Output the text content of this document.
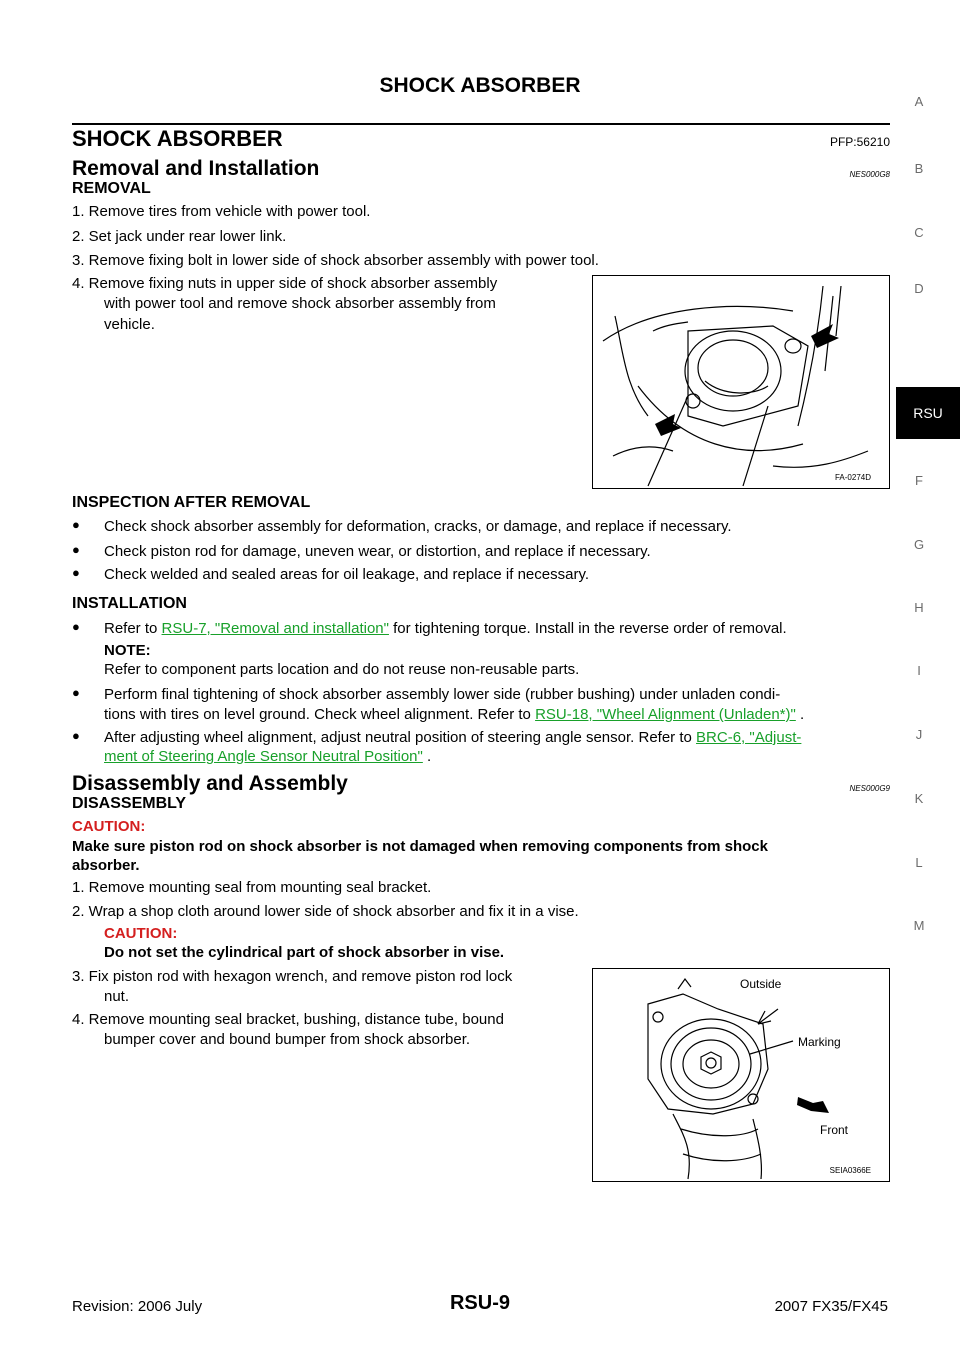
SHOCK ABSORBER
SHOCK ABSORBER	PFP:56210
Removal and Installation	NES000G8
REMOVAL
1. Remove tires from vehicle with power tool.
2. Set jack under rear lower link.
3. Remove fixing bolt in lower side of shock absorber assembly with power tool.
4. Remove fixing nuts in upper side of shock absorber assembly
with power tool and remove shock absorber assembly from
vehicle.
FA-0274D
INSPECTION AFTER REMOVAL
● Check shock absorber assembly for deformation, cracks, or damage, and replace if necessary.
● Check piston rod for damage, uneven wear, or distortion, and replace if necessary.
● Check welded and sealed areas for oil leakage, and replace if necessary.
INSTALLATION
● Refer to RSU-7, "Removal and installation" for tightening torque. Install in the reverse order of removal.
NOTE:
Refer to component parts location and do not reuse non-reusable parts.
● Perform final tightening of shock absorber assembly lower side (rubber bushing) under unladen condi-
tions with tires on level ground. Check wheel alignment. Refer to RSU-18, "Wheel Alignment (Unladen*)" .
● After adjusting wheel alignment, adjust neutral position of steering angle sensor. Refer to BRC-6, "Adjust-
ment of Steering Angle Sensor Neutral Position" .
Disassembly and Assembly	NES000G9
DISASSEMBLY
CAUTION:
Make sure piston rod on shock absorber is not damaged when removing components from shock
absorber.
1. Remove mounting seal from mounting seal bracket.
2. Wrap a shop cloth around lower side of shock absorber and fix it in a vise.
CAUTION:
Do not set the cylindrical part of shock absorber in vise.
3. Fix piston rod with hexagon wrench, and remove piston rod lock
nut.
4. Remove mounting seal bracket, bushing, distance tube, bound
bumper cover and bound bumper from shock absorber.
Outside
Marking
Front
SEIA0366E
A
B
C
D
RSU
F
G
H
I
J
K
L
M
Revision: 2006 July	RSU-9	2007 FX35/FX45
